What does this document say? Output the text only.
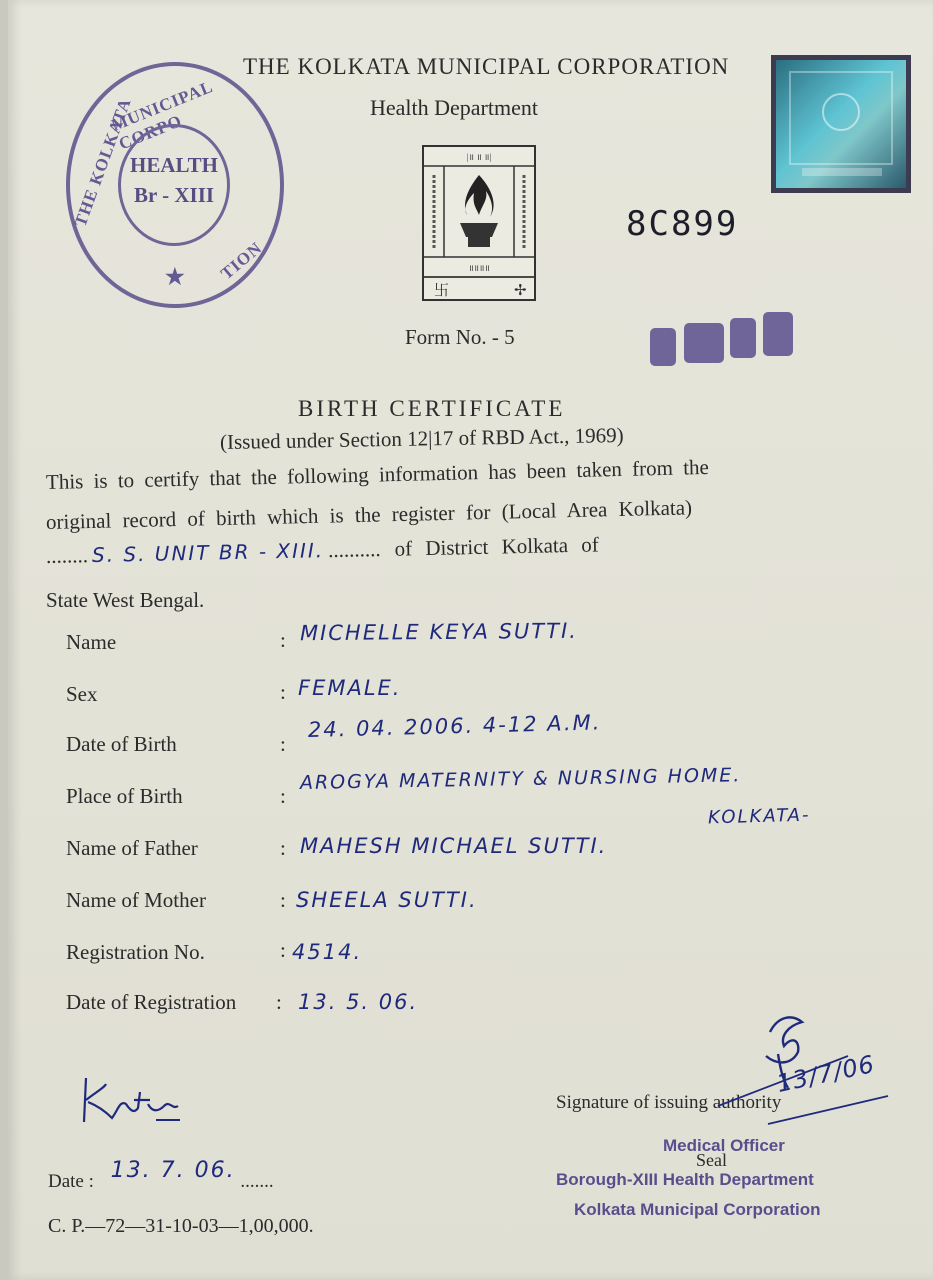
MUNICIPAL CORPO
THE KOLKATA
TION
HEALTH
Br - XIII
★
THE KOLKATA MUNICIPAL CORPORATION
Health Department
|॥ ॥ ॥|
॥॥॥॥
卐	✢
8C899
Form No. - 5
BIRTH CERTIFICATE
(Issued under Section 12|17 of RBD Act., 1969)
This is to certify that the following information has been taken from the
original record of birth which is the register for (Local Area Kolkata)
........ S. S. UNIT BR - XIII. .......... of District Kolkata of
State West Bengal.
Name	: MICHELLE KEYA SUTTI.
Sex	: FEMALE.
Date of Birth	:
24. 04. 2006. 4-12 A.M.
Place of Birth	:
AROGYA MATERNITY & NURSING HOME.
KOLKATA-
Name of Father	: MAHESH MICHAEL SUTTI.
Name of Mother	: SHEELA SUTTI.
Registration No.	: 4514.
Date of Registration : 13. 5. 06.
Signature of issuing authority
13/7/06
Seal
Medical Officer
Borough-XIII Health Department
Kolkata Municipal Corporation
Date : 13. 7. 06. .......
C. P.—72—31-10-03—1,00,000.
